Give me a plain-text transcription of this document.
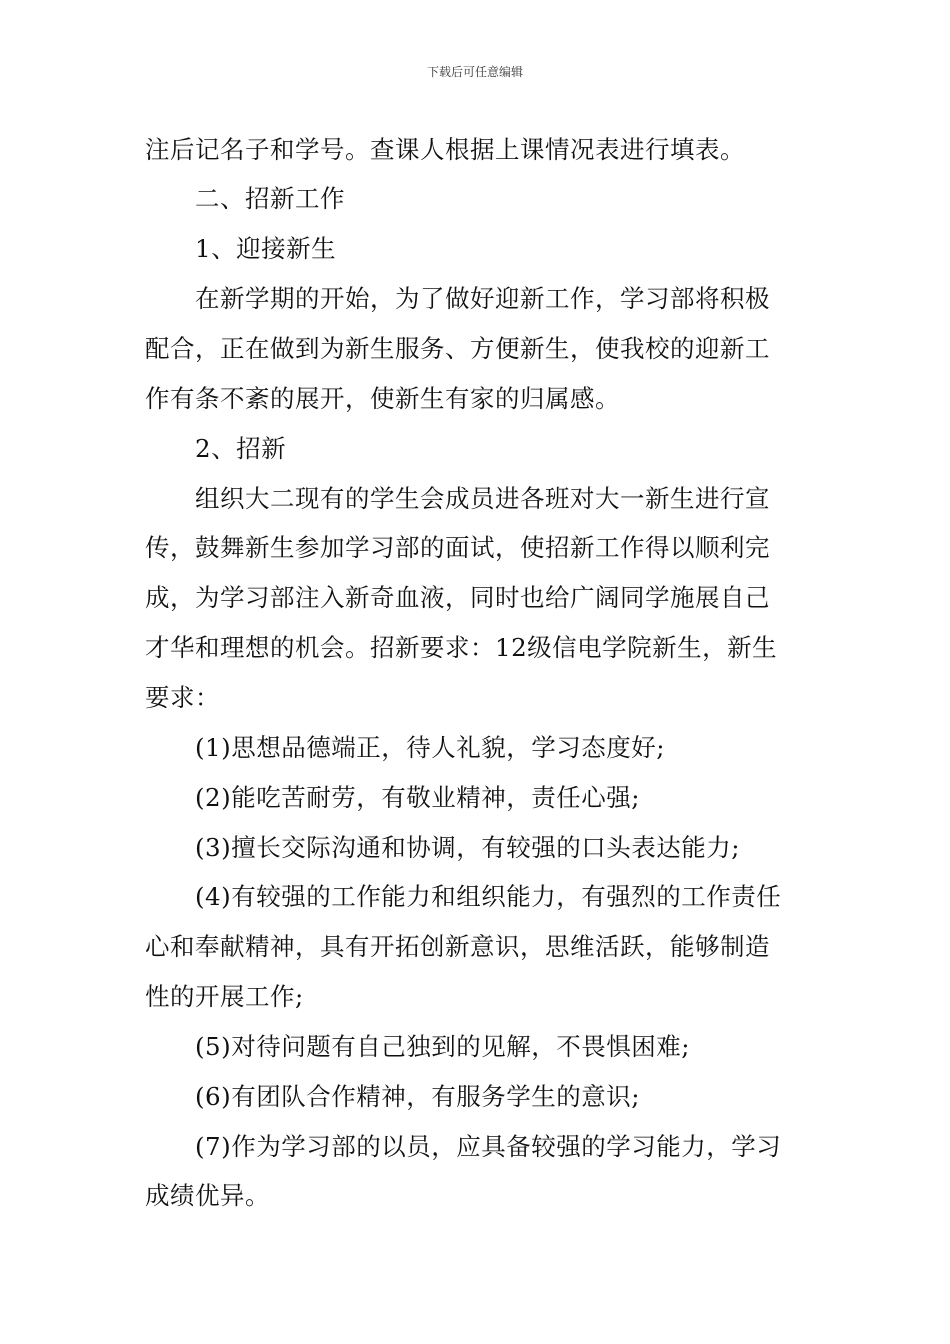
下载后可任意编辑
注后记名子和学号。查课人根据上课情况表进行填表。
二、招新工作
1、迎接新生
在新学期的开始，为了做好迎新工作，学习部将积极
配合，正在做到为新生服务、方便新生，使我校的迎新工
作有条不紊的展开，使新生有家的归属感。
2、招新
组织大二现有的学生会成员进各班对大一新生进行宣
传，鼓舞新生参加学习部的面试，使招新工作得以顺利完
成，为学习部注入新奇血液，同时也给广阔同学施展自己
才华和理想的机会。招新要求：12级信电学院新生，新生
要求：
(1)思想品德端正，待人礼貌，学习态度好;
(2)能吃苦耐劳，有敬业精神，责任心强;
(3)擅长交际沟通和协调，有较强的口头表达能力;
(4)有较强的工作能力和组织能力，有强烈的工作责任
心和奉献精神，具有开拓创新意识，思维活跃，能够制造
性的开展工作;
(5)对待问题有自己独到的见解，不畏惧困难;
(6)有团队合作精神，有服务学生的意识;
(7)作为学习部的以员，应具备较强的学习能力，学习
成绩优异。
